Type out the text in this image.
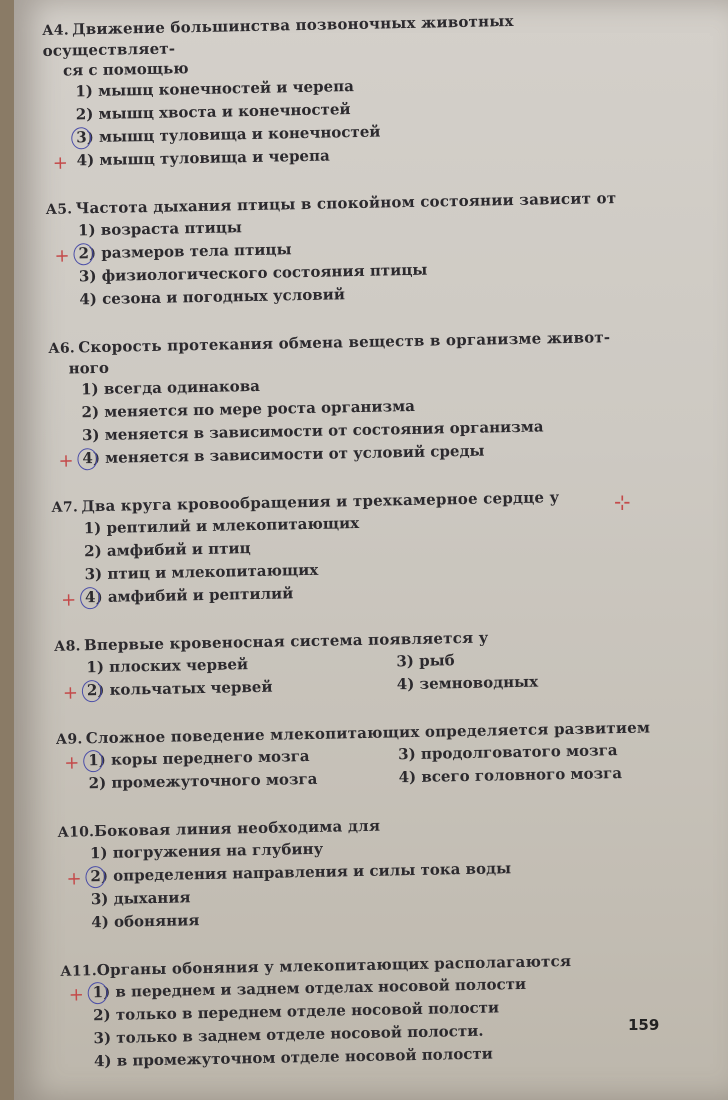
А4. Движение большинства позвоночных животных осуществляет-
ся с помощью
1) мышц конечностей и черепа
2) мышц хвоста и конечностей
3) мышц туловища и конечностей
+ 4) мышц туловища и черепа
А5. Частота дыхания птицы в спокойном состоянии зависит от
1) возраста птицы
+ 2) размеров тела птицы
3) физиологического состояния птицы
4) сезона и погодных условий
А6. Скорость протекания обмена веществ в организме живот-
ного
1) всегда одинакова
2) меняется по мере роста организма
3) меняется в зависимости от состояния организма
+ 4) меняется в зависимости от условий среды
А7. Два круга кровообращения и трехкамерное сердце у
1) рептилий и млекопитающих
2) амфибий и птиц
3) птиц и млекопитающих
+ 4) амфибий и рептилий
А8. Впервые кровеносная система появляется у
1) плоских червей	3) рыб
+ 2) кольчатых червей	4) земноводных
А9. Сложное поведение млекопитающих определяется развитием
+ 1) коры переднего мозга	3) продолговатого мозга
2) промежуточного мозга	4) всего головного мозга
А10.Боковая линия необходима для
1) погружения на глубину
+ 2) определения направления и силы тока воды
3) дыхания
4) обоняния
А11.Органы обоняния у млекопитающих располагаются
+ 1) в переднем и заднем отделах носовой полости
2) только в переднем отделе носовой полости
3) только в заднем отделе носовой полости.
4) в промежуточном отделе носовой полости
159
⊹
